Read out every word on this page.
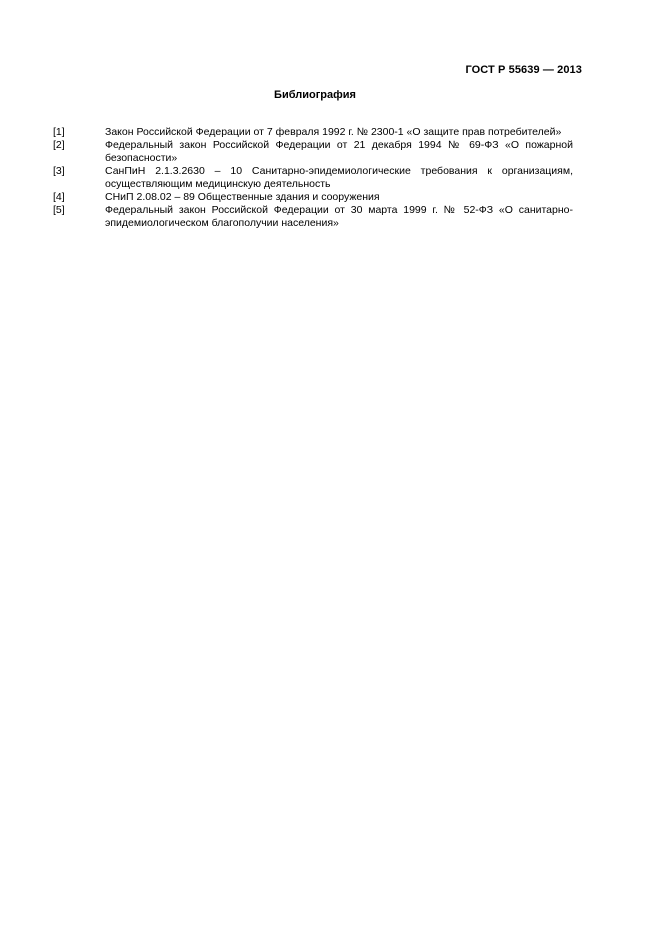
ГОСТ Р 55639 — 2013
Библиография
[1]	Закон Российской Федерации от 7 февраля 1992 г. № 2300-1 «О защите прав потребителей»
[2]	Федеральный закон Российской Федерации от 21 декабря 1994 № 69-ФЗ «О пожарной безопасности»
[3]	СанПиН 2.1.3.2630 – 10 Санитарно-эпидемиологические требования к организациям, осуществляющим медицинскую деятельность
[4]	СНиП 2.08.02 – 89 Общественные здания и сооружения
[5]	Федеральный закон Российской Федерации от 30 марта 1999 г. № 52-ФЗ «О санитарно-эпидемиологическом благополучии населения»
